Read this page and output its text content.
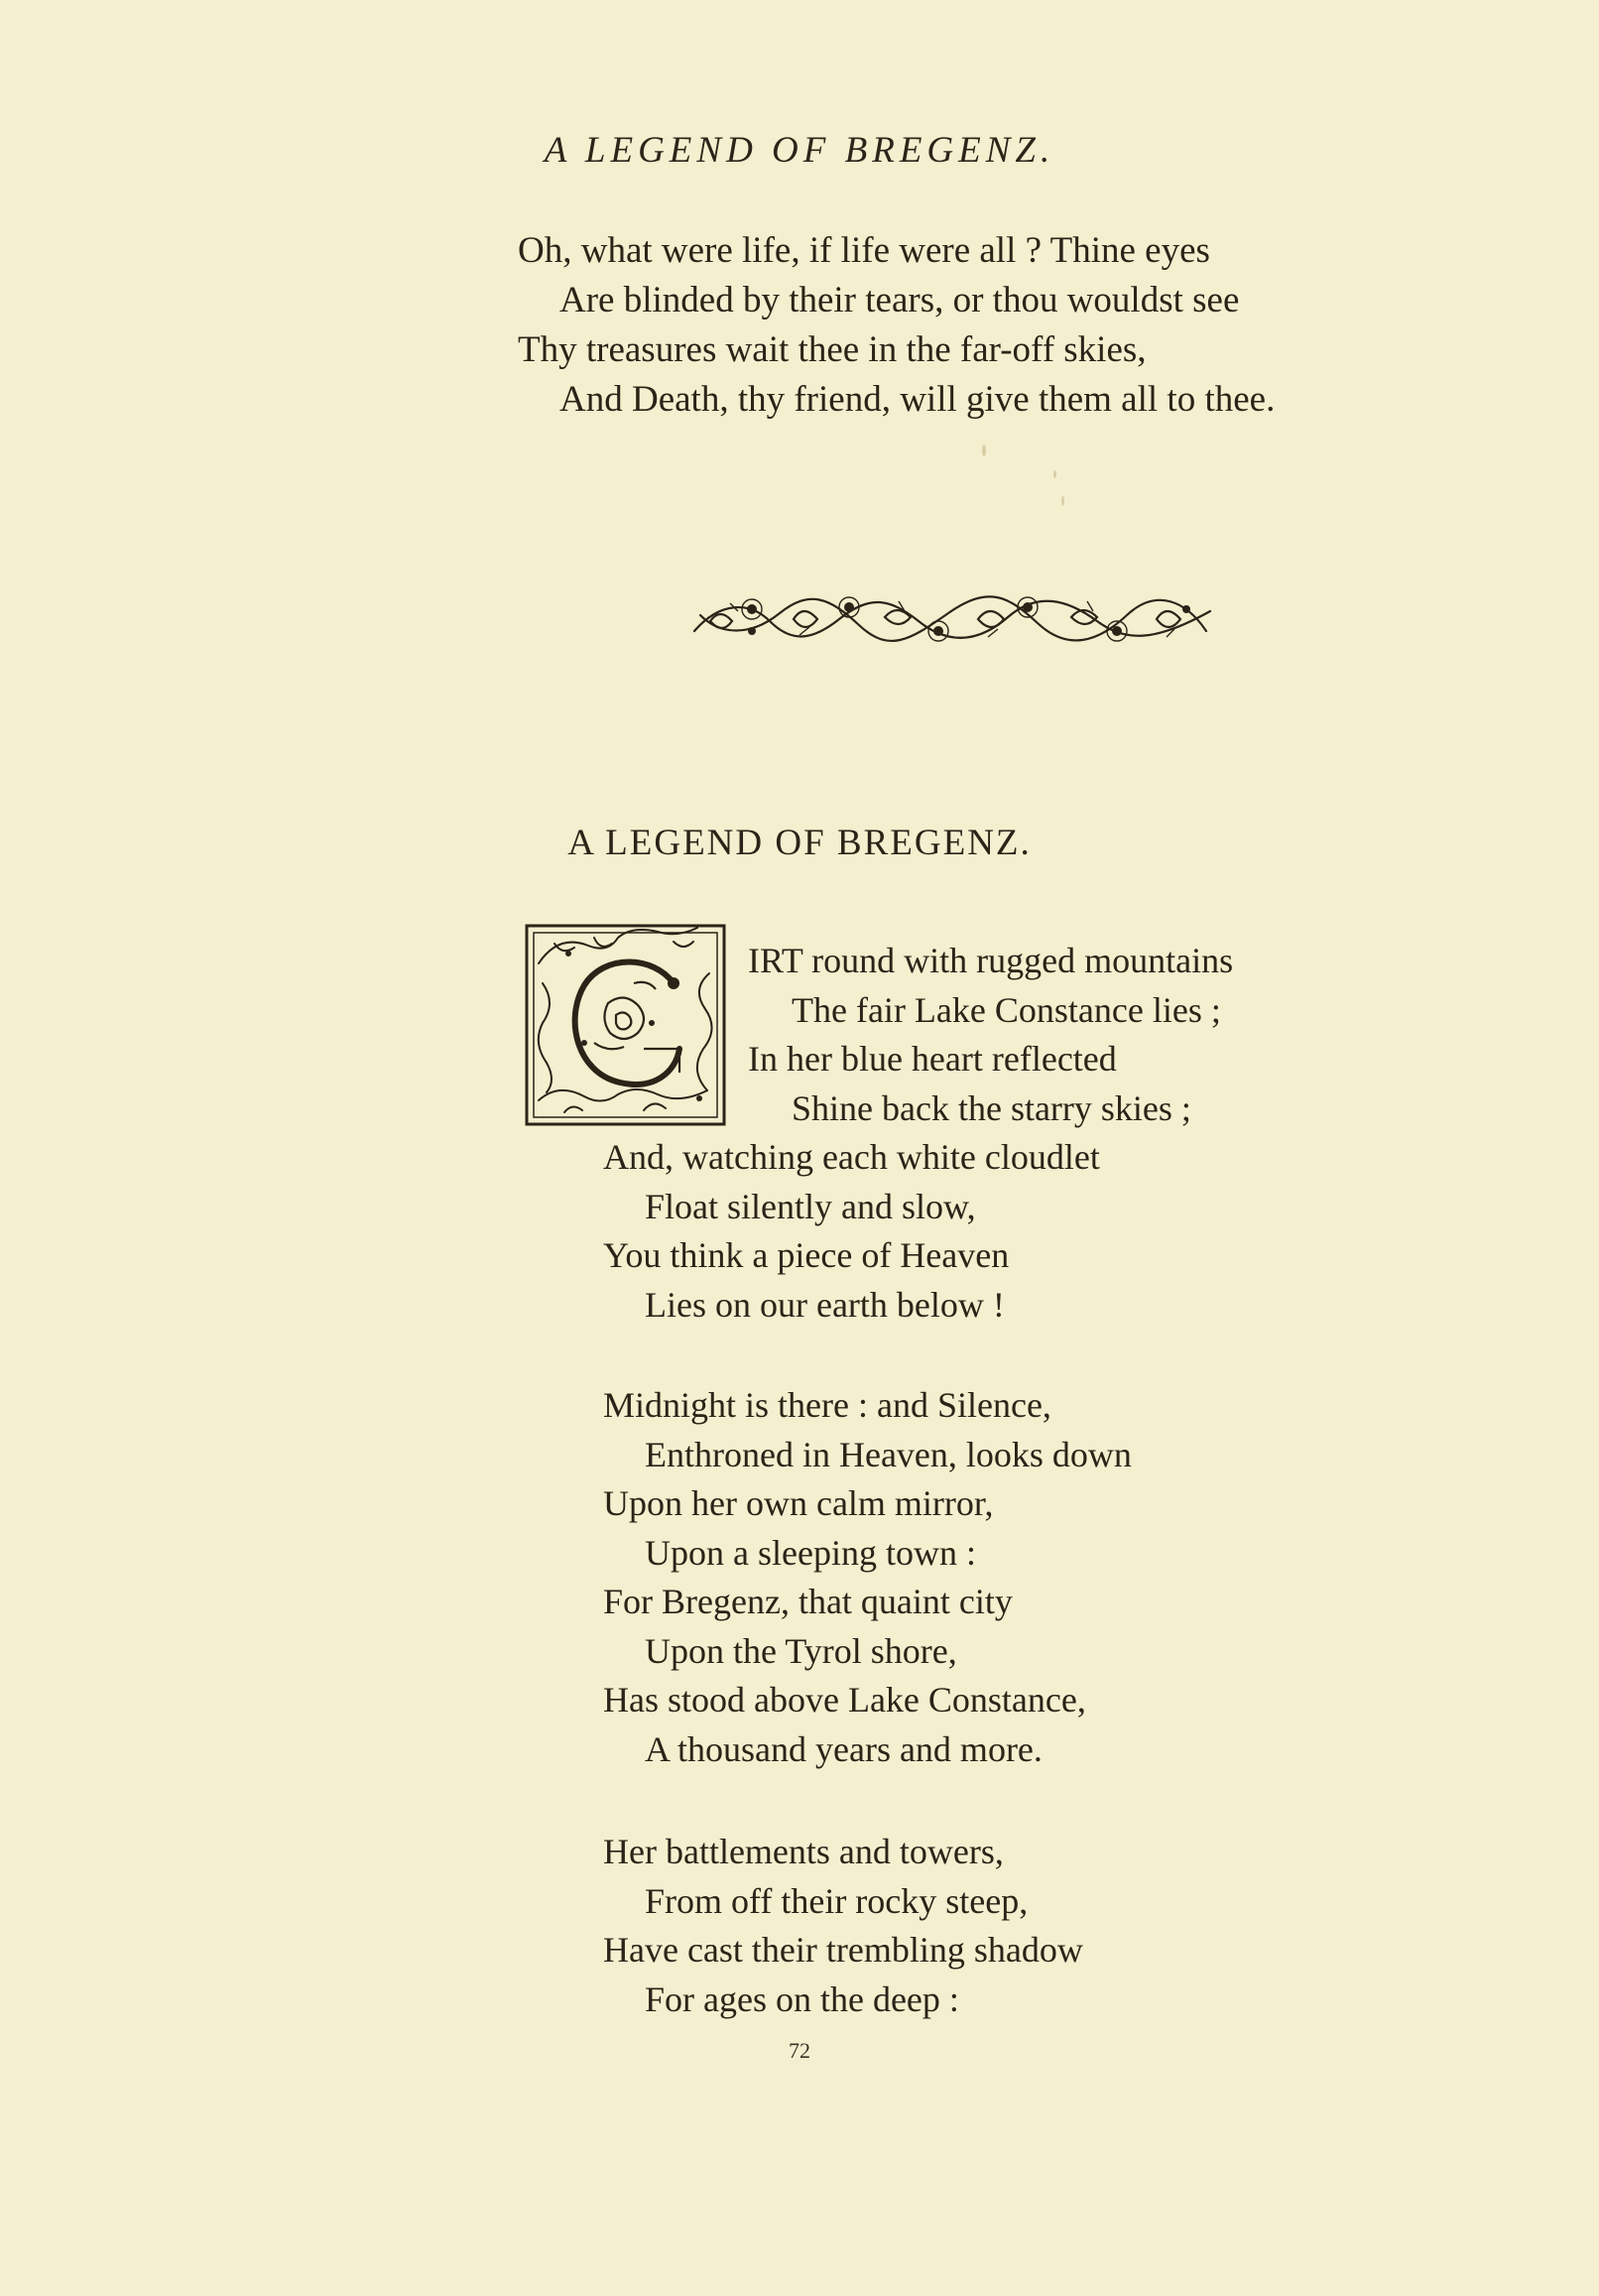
A LEGEND OF BREGENZ.
Oh, what were life, if life were all ? Thine eyes
Are blinded by their tears, or thou wouldst see
Thy treasures wait thee in the far-off skies,
And Death, thy friend, will give them all to thee.
A LEGEND OF BREGENZ.
IRT round with rugged mountains
The fair Lake Constance lies ;
In her blue heart reflected
Shine back the starry skies ;
And, watching each white cloudlet
Float silently and slow,
You think a piece of Heaven
Lies on our earth below !
Midnight is there : and Silence,
Enthroned in Heaven, looks down
Upon her own calm mirror,
Upon a sleeping town :
For Bregenz, that quaint city
Upon the Tyrol shore,
Has stood above Lake Constance,
A thousand years and more.
Her battlements and towers,
From off their rocky steep,
Have cast their trembling shadow
For ages on the deep :
72
